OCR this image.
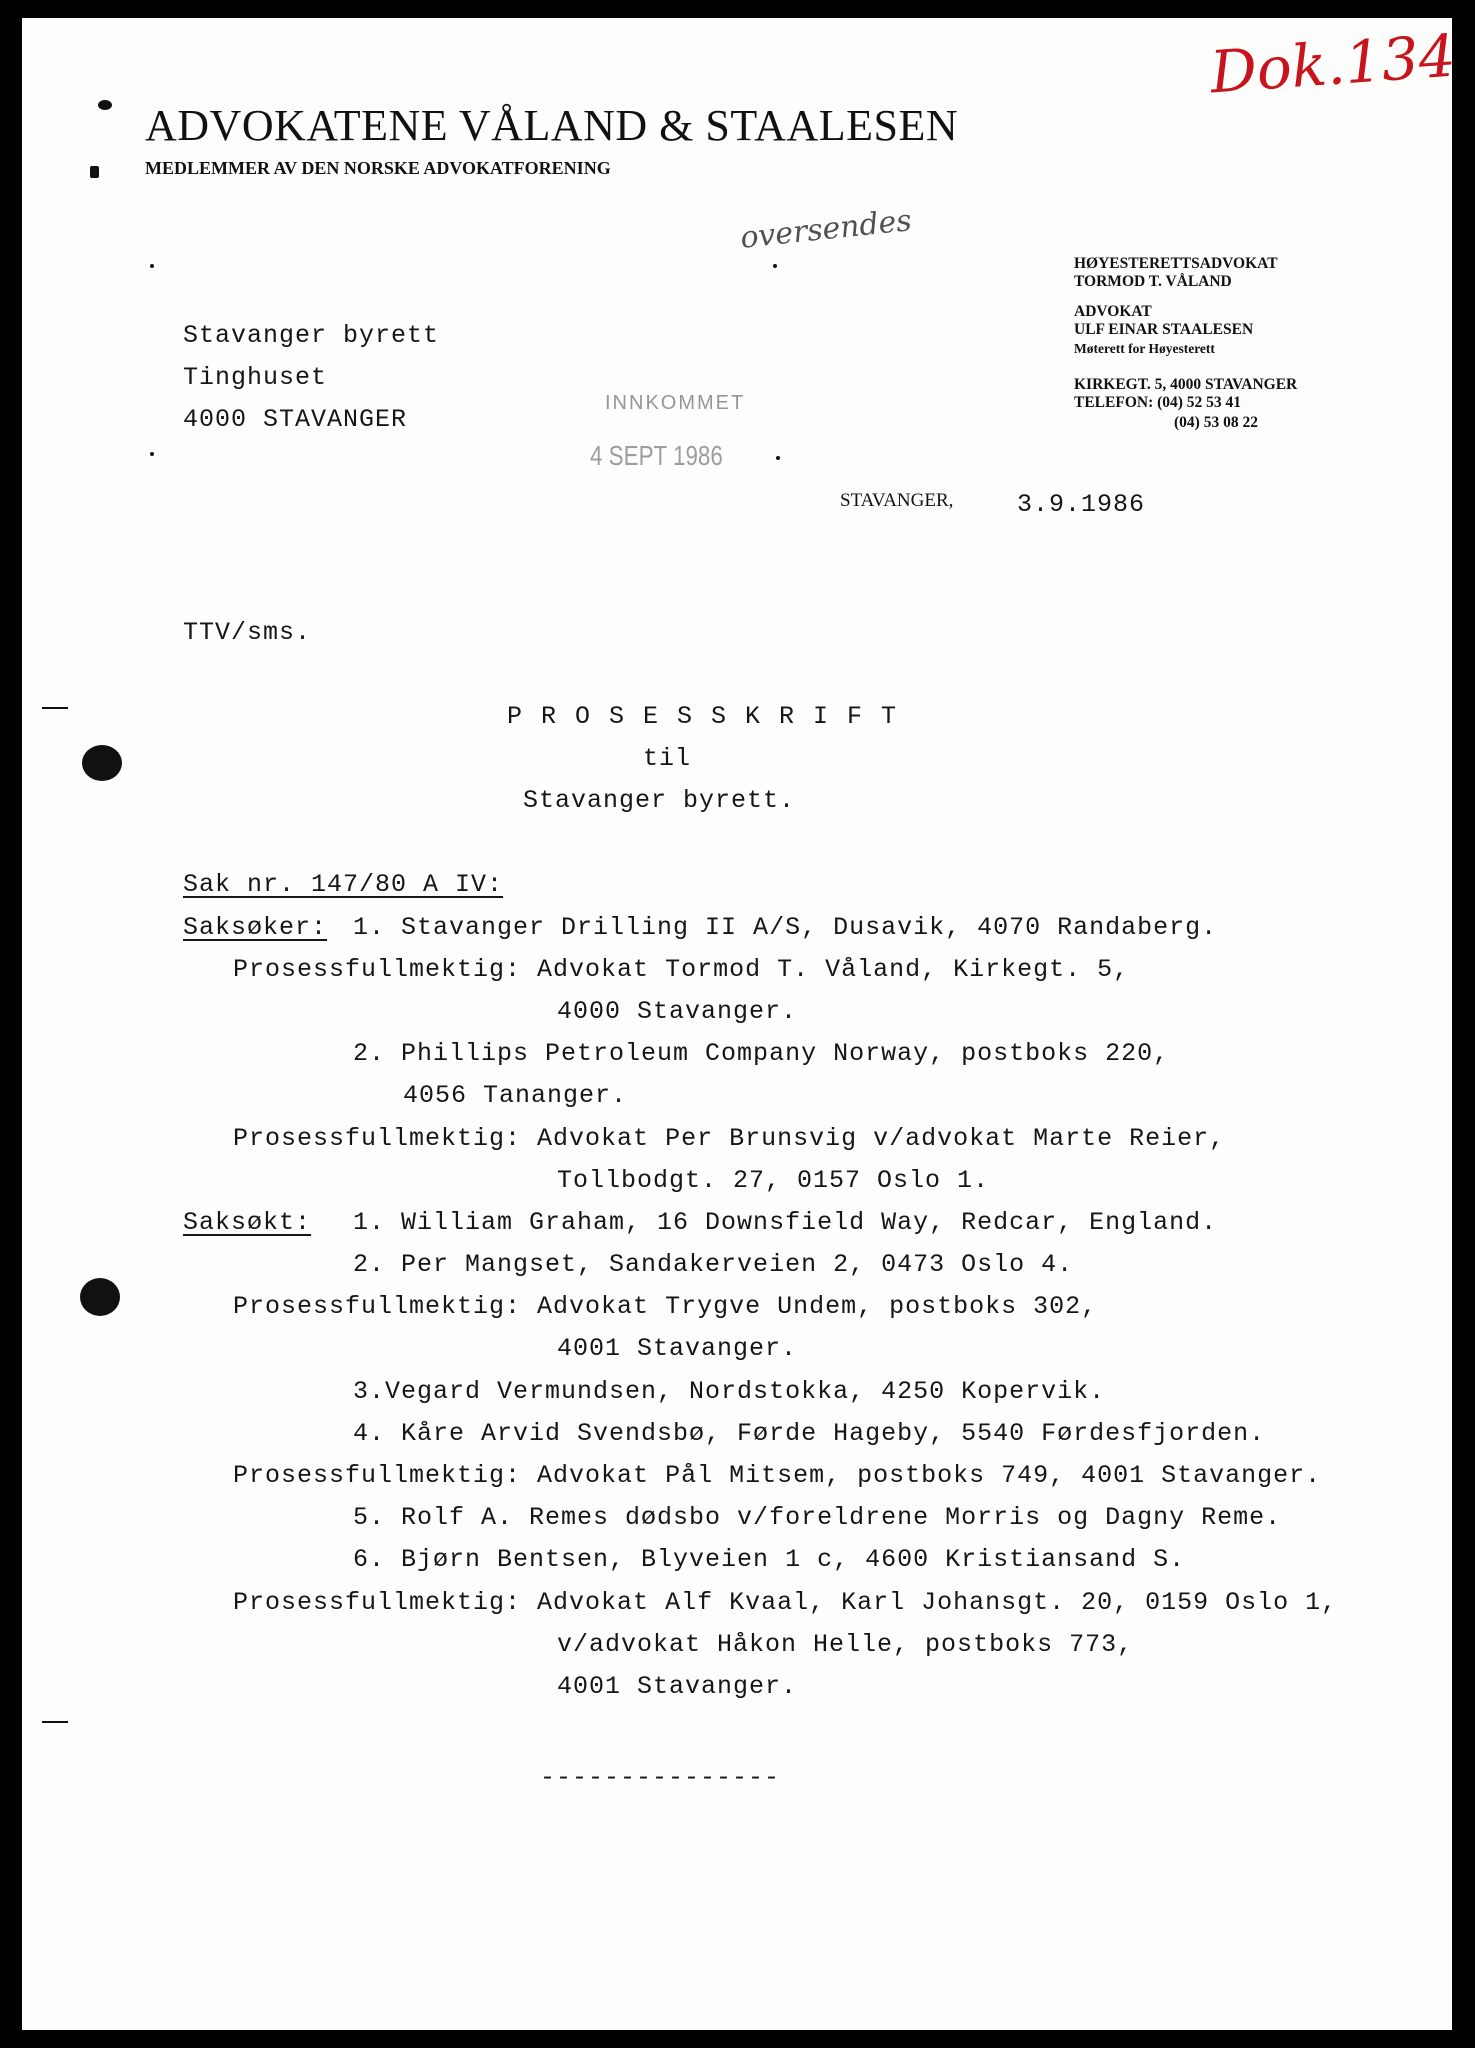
ADVOKATENE VÅLAND & STAALESEN
MEDLEMMER AV DEN NORSKE ADVOKATFORENING
Dok.134
oversendes
HØYESTERETTSADVOKAT
TORMOD T. VÅLAND
ADVOKAT
ULF EINAR STAALESEN
Møterett for Høyesterett
KIRKEGT. 5, 4000 STAVANGER
TELEFON: (04) 52 53 41
(04) 53 08 22
Stavanger byrett
Tinghuset
4000 STAVANGER
INNKOMMET
4 SEPT 1986
STAVANGER,	3.9.1986
TTV/sms.
P R O S E S S K R I F T
til
Stavanger byrett.
Sak nr. 147/80 A IV:
Saksøker: 1. Stavanger Drilling II A/S, Dusavik, 4070 Randaberg.
Prosessfullmektig: Advokat Tormod T. Våland, Kirkegt. 5,
4000 Stavanger.
2. Phillips Petroleum Company Norway, postboks 220,
4056 Tananger.
Prosessfullmektig: Advokat Per Brunsvig v/advokat Marte Reier,
Tollbodgt. 27, 0157 Oslo 1.
Saksøkt: 1. William Graham, 16 Downsfield Way, Redcar, England.
2. Per Mangset, Sandakerveien 2, 0473 Oslo 4.
Prosessfullmektig: Advokat Trygve Undem, postboks 302,
4001 Stavanger.
3.Vegard Vermundsen, Nordstokka, 4250 Kopervik.
4. Kåre Arvid Svendsbø, Førde Hageby, 5540 Førdesfjorden.
Prosessfullmektig: Advokat Pål Mitsem, postboks 749, 4001 Stavanger.
5. Rolf A. Remes dødsbo v/foreldrene Morris og Dagny Reme.
6. Bjørn Bentsen, Blyveien 1 c, 4600 Kristiansand S.
Prosessfullmektig: Advokat Alf Kvaal, Karl Johansgt. 20, 0159 Oslo 1,
v/advokat Håkon Helle, postboks 773,
4001 Stavanger.
---------------
